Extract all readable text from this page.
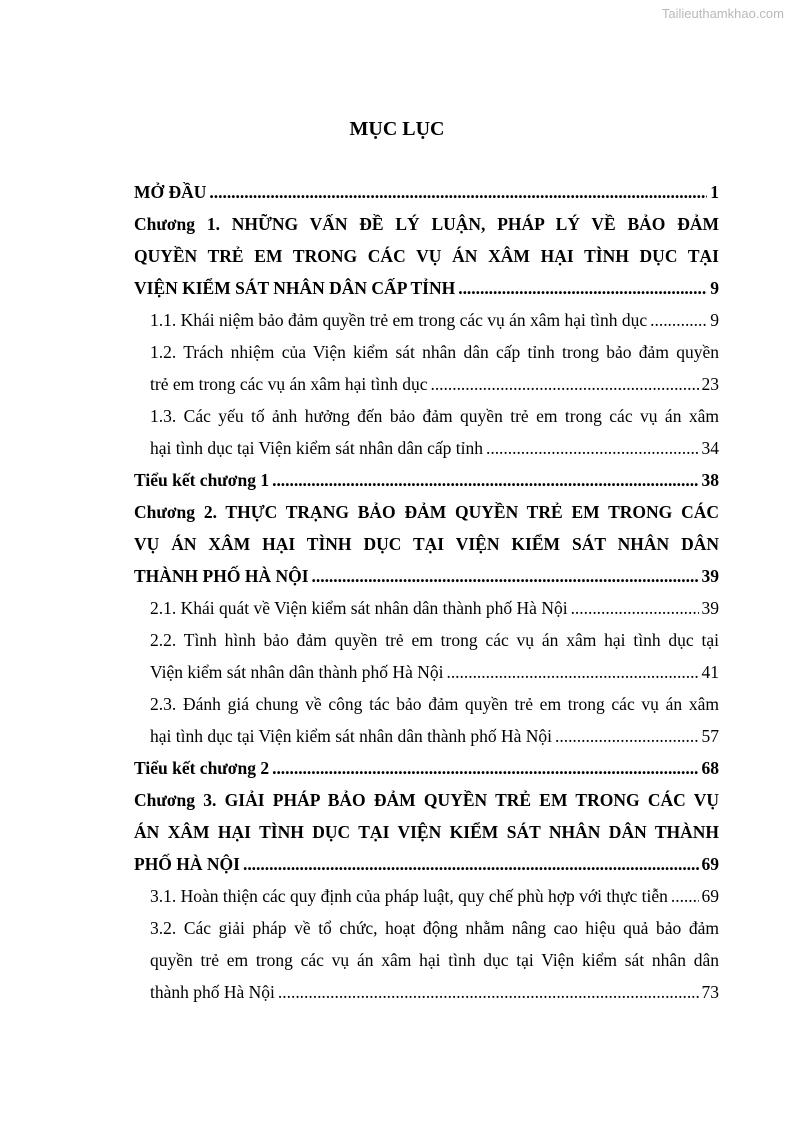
Tailieuthamkhao.com
MỤC LỤC
MỞ ĐẦU . . .	1
Chương 1. NHỮNG VẤN ĐỀ LÝ LUẬN, PHÁP LÝ VỀ BẢO ĐẢM
QUYỀN TRẺ EM TRONG CÁC VỤ ÁN XÂM HẠI TÌNH DỤC TẠI
VIỆN KIỂM SÁT NHÂN DÂN CẤP TỈNH . . .	9
1.1. Khái niệm bảo đảm quyền trẻ em trong các vụ án xâm hại tình dục . . .	9
1.2. Trách nhiệm của Viện kiểm sát nhân dân cấp tỉnh trong bảo đảm quyền
trẻ em trong các vụ án xâm hại tình dục . . .	23
1.3. Các yếu tố ảnh hưởng đến bảo đảm quyền trẻ em trong các vụ án xâm
hại tình dục tại Viện kiểm sát nhân dân cấp tỉnh . . .	34
Tiểu kết chương 1 . . .	38
Chương 2. THỰC TRẠNG BẢO ĐẢM QUYỀN TRẺ EM TRONG CÁC
VỤ ÁN XÂM HẠI TÌNH DỤC TẠI VIỆN KIỂM SÁT NHÂN DÂN
THÀNH PHỐ HÀ NỘI . . .	39
2.1. Khái quát về Viện kiểm sát nhân dân thành phố Hà Nội . . .	39
2.2. Tình hình bảo đảm quyền trẻ em trong các vụ án xâm hại tình dục tại
Viện kiểm sát nhân dân thành phố Hà Nội . . .	41
2.3. Đánh giá chung về công tác bảo đảm quyền trẻ em trong các vụ án xâm
hại tình dục tại Viện kiểm sát nhân dân thành phố Hà Nội . . .	57
Tiểu kết chương 2 . . .	68
Chương 3. GIẢI PHÁP BẢO ĐẢM QUYỀN TRẺ EM TRONG CÁC VỤ
ÁN XÂM HẠI TÌNH DỤC TẠI VIỆN KIỂM SÁT NHÂN DÂN THÀNH
PHỐ HÀ NỘI . . .	69
3.1. Hoàn thiện các quy định của pháp luật, quy chế phù hợp với thực tiễn . . . 69
3.2. Các giải pháp về tổ chức, hoạt động nhằm nâng cao hiệu quả bảo đảm
quyền trẻ em trong các vụ án xâm hại tình dục tại Viện kiểm sát nhân dân
thành phố Hà Nội . . .	73
